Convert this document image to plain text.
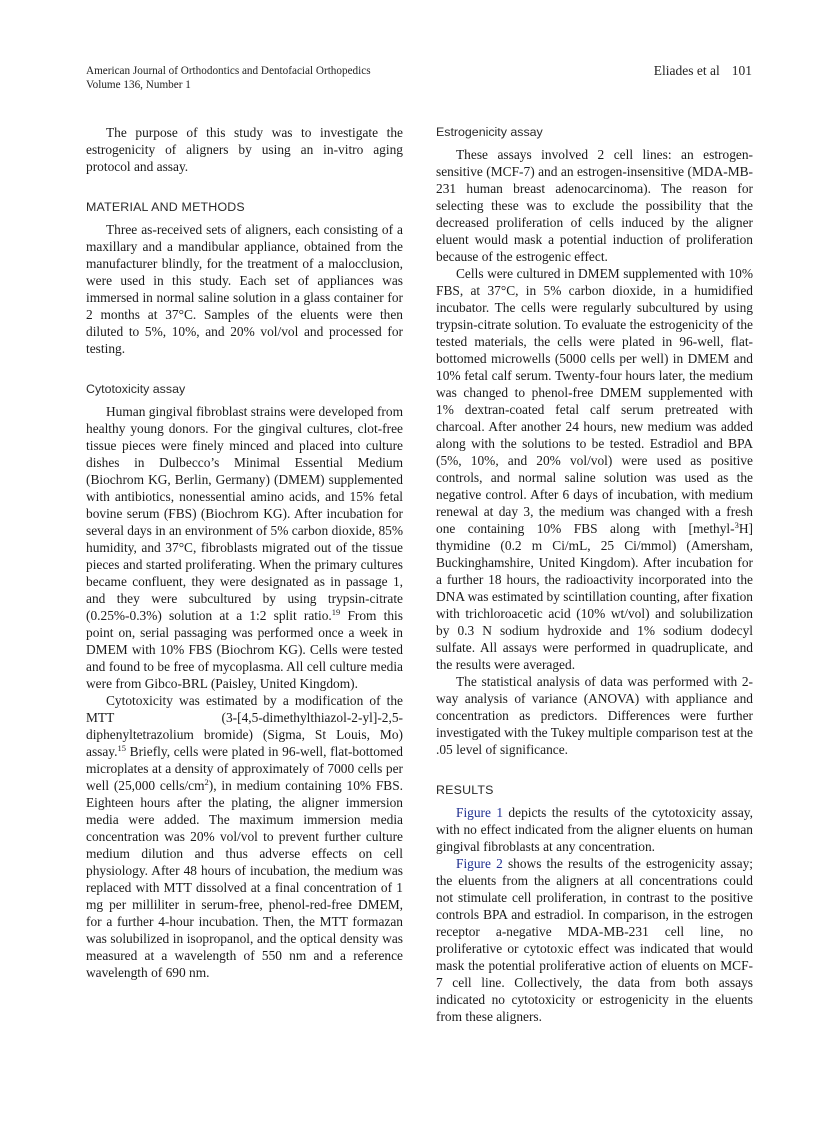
American Journal of Orthodontics and Dentofacial Orthopedics
Volume 136, Number 1
Eliades et al 101

The purpose of this study was to investigate the estrogenicity of aligners by using an in-vitro aging protocol and assay.

MATERIAL AND METHODS

Three as-received sets of aligners, each consisting of a maxillary and a mandibular appliance, obtained from the manufacturer blindly, for the treatment of a malocclusion, were used in this study. Each set of appliances was immersed in normal saline solution in a glass container for 2 months at 37°C. Samples of the eluents were then diluted to 5%, 10%, and 20% vol/vol and processed for testing.

Cytotoxicity assay

Human gingival fibroblast strains were developed from healthy young donors. For the gingival cultures, clot-free tissue pieces were finely minced and placed into culture dishes in Dulbecco’s Minimal Essential Medium (Biochrom KG, Berlin, Germany) (DMEM) supplemented with antibiotics, nonessential amino acids, and 15% fetal bovine serum (FBS) (Biochrom KG). After incubation for several days in an environment of 5% carbon dioxide, 85% humidity, and 37°C, fibroblasts migrated out of the tissue pieces and started proliferating. When the primary cultures became confluent, they were designated as in passage 1, and they were subcultured by using trypsin-citrate (0.25%-0.3%) solution at a 1:2 split ratio.$^{19}$ From this point on, serial passaging was performed once a week in DMEM with 10% FBS (Biochrom KG). Cells were tested and found to be free of mycoplasma. All cell culture media were from Gibco-BRL (Paisley, United Kingdom).

Cytotoxicity was estimated by a modification of the MTT (3-[4,5-dimethylthiazol-2-yl]-2,5-diphenyltetrazolium bromide) (Sigma, St Louis, Mo) assay.$^{15}$ Briefly, cells were plated in 96-well, flat-bottomed microplates at a density of approximately of 7000 cells per well (25,000 cells/$cm^2$), in medium containing 10% FBS. Eighteen hours after the plating, the aligner immersion media were added. The maximum immersion media concentration was 20% vol/vol to prevent further culture medium dilution and thus adverse effects on cell physiology. After 48 hours of incubation, the medium was replaced with MTT dissolved at a final concentration of 1 mg per milliliter in serum-free, phenol-red-free DMEM, for a further 4-hour incubation. Then, the MTT formazan was solubilized in isopropanol, and the optical density was measured at a wavelength of 550 nm and a reference wavelength of 690 nm.

Estrogenicity assay

These assays involved 2 cell lines: an estrogen-sensitive (MCF-7) and an estrogen-insensitive (MDA-MB-231 human breast adenocarcinoma). The reason for selecting these was to exclude the possibility that the decreased proliferation of cells induced by the aligner eluent would mask a potential induction of proliferation because of the estrogenic effect.

Cells were cultured in DMEM supplemented with 10% FBS, at 37°C, in 5% carbon dioxide, in a humidified incubator. The cells were regularly subcultured by using trypsin-citrate solution. To evaluate the estrogenicity of the tested materials, the cells were plated in 96-well, flat-bottomed microwells (5000 cells per well) in DMEM and 10% fetal calf serum. Twenty-four hours later, the medium was changed to phenol-free DMEM supplemented with 1% dextran-coated fetal calf serum pretreated with charcoal. After another 24 hours, new medium was added along with the solutions to be tested. Estradiol and BPA (5%, 10%, and 20% vol/vol) were used as positive controls, and normal saline solution was used as the negative control. After 6 days of incubation, with medium renewal at day 3, the medium was changed with a fresh one containing 10% FBS along with [methyl-$^3$H] thymidine (0.2 m Ci/mL, 25 Ci/mmol) (Amersham, Buckinghamshire, United Kingdom). After incubation for a further 18 hours, the radioactivity incorporated into the DNA was estimated by scintillation counting, after fixation with trichloroacetic acid (10% wt/vol) and solubilization by 0.3 N sodium hydroxide and 1% sodium dodecyl sulfate. All assays were performed in quadruplicate, and the results were averaged.

The statistical analysis of data was performed with 2-way analysis of variance (ANOVA) with appliance and concentration as predictors. Differences were further investigated with the Tukey multiple comparison test at the .05 level of significance.

RESULTS

Figure 1 depicts the results of the cytotoxicity assay, with no effect indicated from the aligner eluents on human gingival fibroblasts at any concentration.

Figure 2 shows the results of the estrogenicity assay; the eluents from the aligners at all concentrations could not stimulate cell proliferation, in contrast to the positive controls BPA and estradiol. In comparison, in the estrogen receptor a-negative MDA-MB-231 cell line, no proliferative or cytotoxic effect was indicated that would mask the potential proliferative action of eluents on MCF-7 cell line. Collectively, the data from both assays indicated no cytotoxicity or estrogenicity in the eluents from these aligners.
